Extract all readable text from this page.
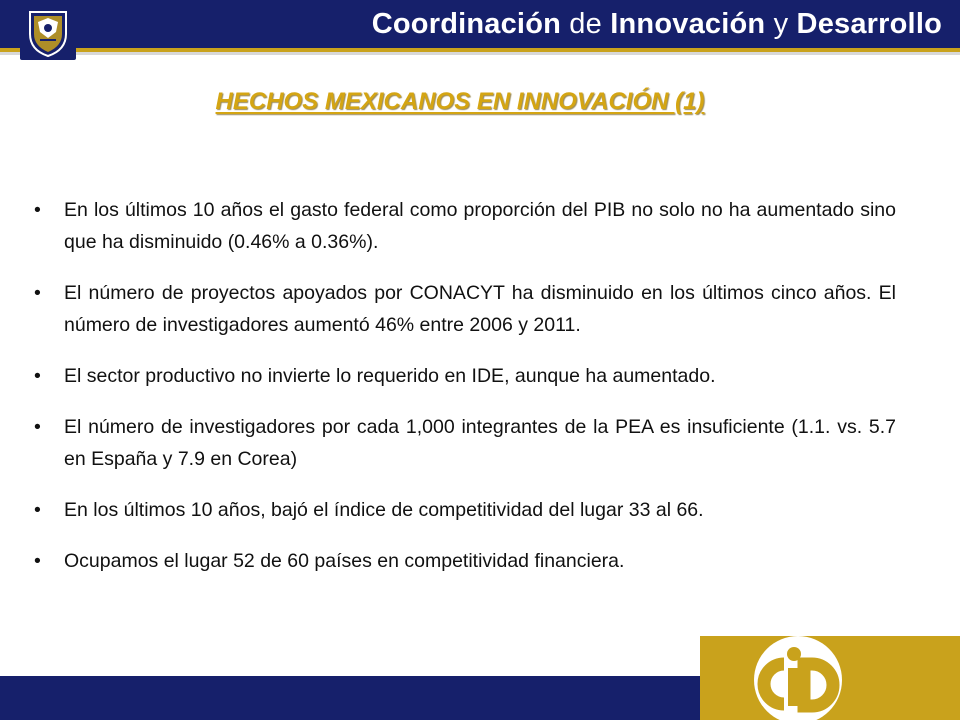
Coordinación de Innovación y Desarrollo
HECHOS MEXICANOS EN INNOVACIÓN (1)
•	En los últimos 10 años el gasto federal como proporción del PIB no solo no ha aumentado sino que ha disminuido (0.46% a 0.36%).
•	El número de proyectos apoyados por CONACYT ha disminuido en los últimos cinco años. El número de investigadores aumentó 46% entre 2006 y 2011.
•	El sector productivo no invierte lo requerido en IDE, aunque ha aumentado.
•	El número de investigadores por cada 1,000 integrantes de la PEA es insuficiente (1.1. vs. 5.7 en España y 7.9 en Corea)
•	En los últimos 10 años, bajó el índice de competitividad del lugar 33 al 66.
•	Ocupamos el lugar 52 de 60 países en competitividad financiera.
